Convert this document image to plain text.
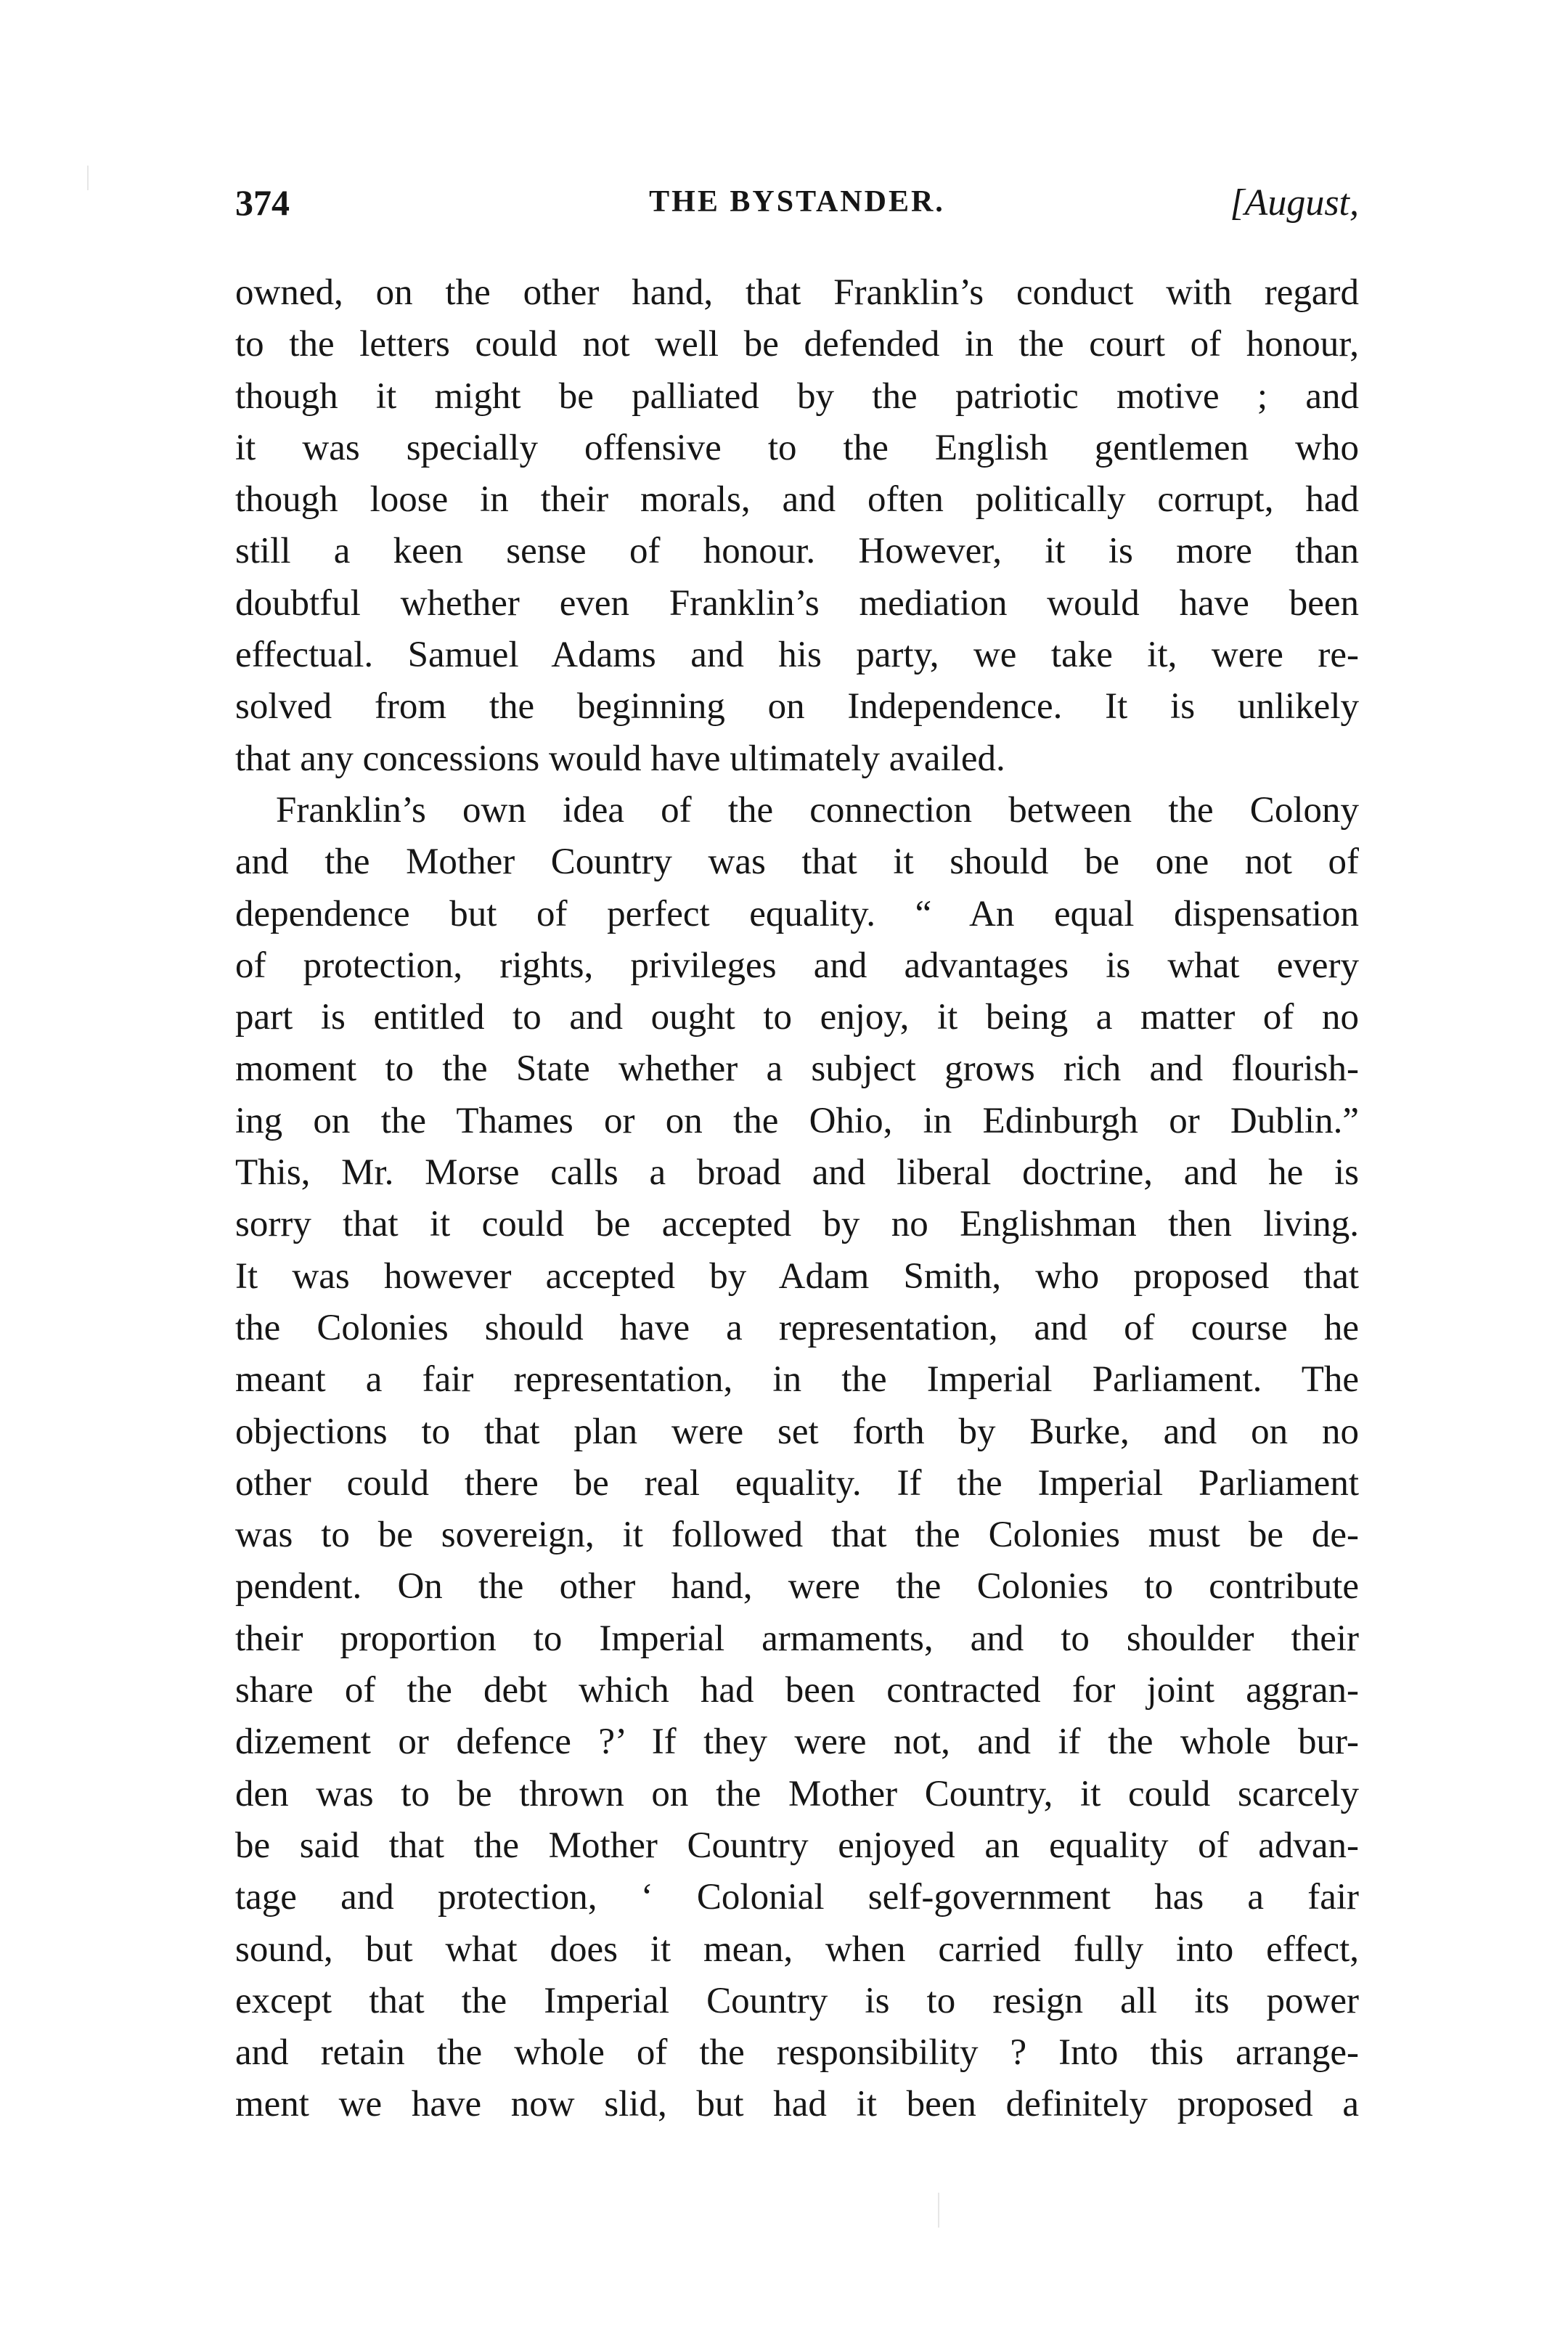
374	THE BYSTANDER.	[August,
owned, on the other hand, that Franklin’s conduct with regard
to the letters could not well be defended in the court of honour,
though it might be palliated by the patriotic motive ; and
it was specially offensive to the English gentlemen who
though loose in their morals, and often politically corrupt, had
still a keen sense of honour. However, it is more than
doubtful whether even Franklin’s mediation would have been
effectual. Samuel Adams and his party, we take it, were re-
solved from the beginning on Independence. It is unlikely
that any concessions would have ultimately availed.
Franklin’s own idea of the connection between the Colony
and the Mother Country was that it should be one not of
dependence but of perfect equality. “ An equal dispensation
of protection, rights, privileges and advantages is what every
part is entitled to and ought to enjoy, it being a matter of no
moment to the State whether a subject grows rich and flourish-
ing on the Thames or on the Ohio, in Edinburgh or Dublin.”
This, Mr. Morse calls a broad and liberal doctrine, and he is
sorry that it could be accepted by no Englishman then living.
It was however accepted by Adam Smith, who proposed that
the Colonies should have a representation, and of course he
meant a fair representation, in the Imperial Parliament. The
objections to that plan were set forth by Burke, and on no
other could there be real equality. If the Imperial Parliament
was to be sovereign, it followed that the Colonies must be de-
pendent. On the other hand, were the Colonies to contribute
their proportion to Imperial armaments, and to shoulder their
share of the debt which had been contracted for joint aggran-
dizement or defence ?’ If they were not, and if the whole bur-
den was to be thrown on the Mother Country, it could scarcely
be said that the Mother Country enjoyed an equality of advan-
tage and protection, ‘ Colonial self-government has a fair
sound, but what does it mean, when carried fully into effect,
except that the Imperial Country is to resign all its power
and retain the whole of the responsibility ? Into this arrange-
ment we have now slid, but had it been definitely proposed a
